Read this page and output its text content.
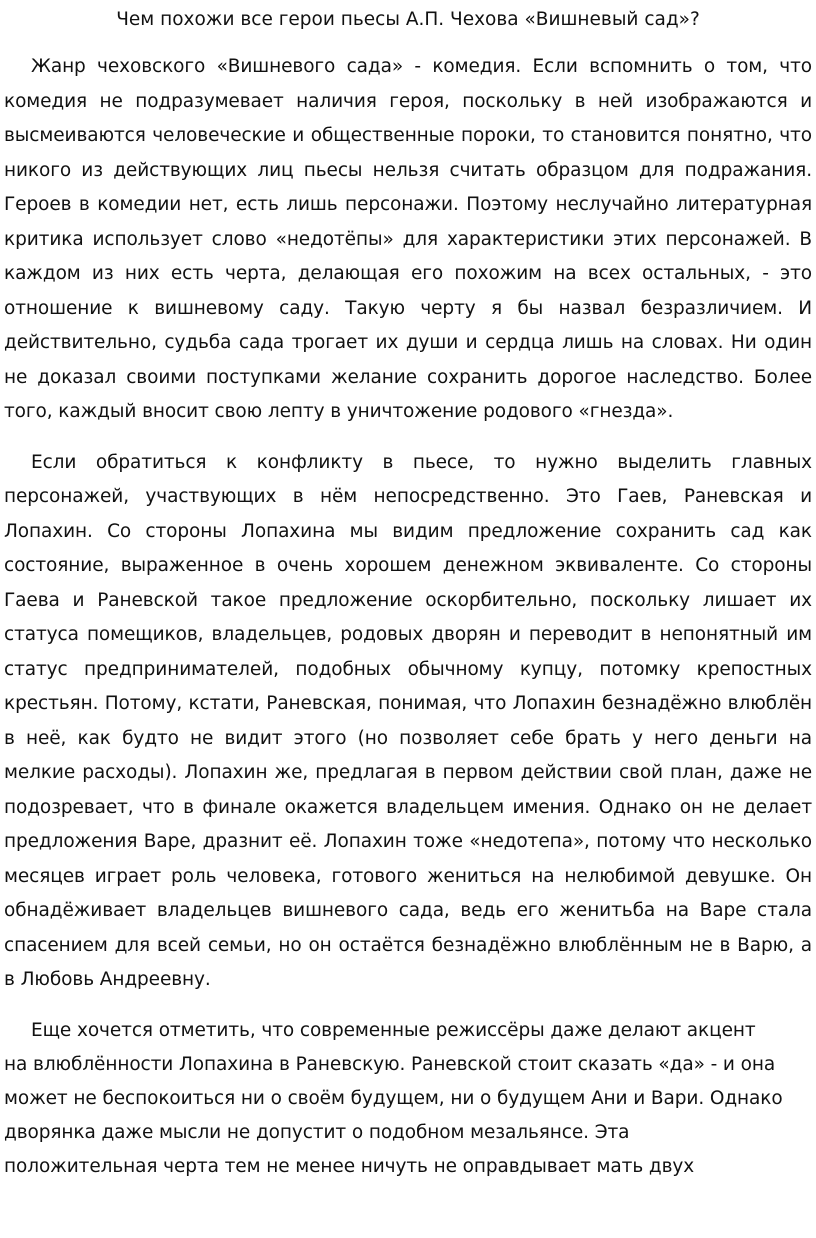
Чем похожи все герои пьесы А.П. Чехова «Вишневый сад»?

Жанр чеховского «Вишневого сада» - комедия. Если вспомнить о том, что комедия не подразумевает наличия героя, поскольку в ней изображаются и высмеиваются человеческие и общественные пороки, то становится понятно, что никого из действующих лиц пьесы нельзя считать образцом для подражания. Героев в комедии нет, есть лишь персонажи. Поэтому неслучайно литературная критика использует слово «недотёпы» для характеристики этих персонажей. В каждом из них есть черта, делающая его похожим на всех остальных, - это отношение к вишневому саду. Такую черту я бы назвал безразличием. И действительно, судьба сада трогает их души и сердца лишь на словах. Ни один не доказал своими поступками желание сохранить дорогое наследство. Более того, каждый вносит свою лепту в уничтожение родового «гнезда».

Если обратиться к конфликту в пьесе, то нужно выделить главных персонажей, участвующих в нём непосредственно. Это Гаев, Раневская и Лопахин. Со стороны Лопахина мы видим предложение сохранить сад как состояние, выраженное в очень хорошем денежном эквиваленте. Со стороны Гаева и Раневской такое предложение оскорбительно, поскольку лишает их статуса помещиков, владельцев, родовых дворян и переводит в непонятный им статус предпринимателей, подобных обычному купцу, потомку крепостных крестьян. Потому, кстати, Раневская, понимая, что Лопахин безнадёжно влюблён в неё, как будто не видит этого (но позволяет себе брать у него деньги на мелкие расходы). Лопахин же, предлагая в первом действии свой план, даже не подозревает, что в финале окажется владельцем имения. Однако он не делает предложения Варе, дразнит её. Лопахин тоже «недотепа», потому что несколько месяцев играет роль человека, готового жениться на нелюбимой девушке. Он обнадёживает владельцев вишневого сада, ведь его женитьба на Варе стала спасением для всей семьи, но он остаётся безнадёжно влюблённым не в Варю, а в Любовь Андреевну.

Еще хочется отметить, что современные режиссёры даже делают акцент на влюблённости Лопахина в Раневскую. Раневской стоит сказать «да» - и она может не беспокоиться ни о своём будущем, ни о будущем Ани и Вари. Однако дворянка даже мысли не допустит о подобном мезальянсе. Эта положительная черта тем не менее ничуть не оправдывает мать двух
